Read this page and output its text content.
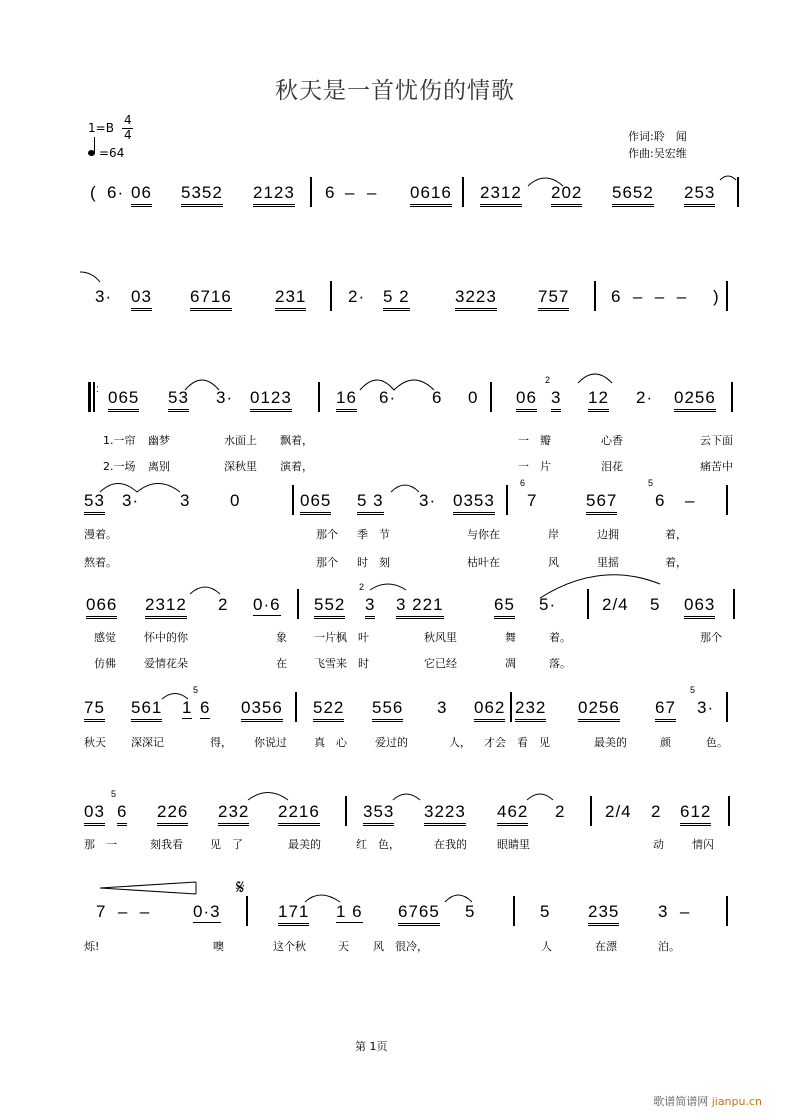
秋天是一首忧伤的情歌
1=B
4
4
=64
作词:聆　闻
作曲:吴宏维
( 6· 06 5352 2123 6 –  – 0616 2312 202 5652 253
3· 03 6716	231 2· 5 2	3223 757 6  –  –  – )
065 53 3· 0123	16 6· 6 0 06 3 12 2· 0256
:
2
1.一帘 幽梦	水面上 飘着，	一　瓣	心香	云下面
2.一场 离别	深秋里 演着，	一　片	泪花	痛苦中
53 3· 3 0	065 5 3 3· 0353 7	567 6 –
6	5
漫着。	那个 季　节	与你在	岸	边拥	着，
熬着。	那个 时　刻	枯叶在	风	里摇	着，
066 2312 2 0·6 552 3 3 221	65 5·	2/4 5 063
2
感觉	怀中的你	象 一片枫　叶	秋风里	舞	着。	那个
仿佛	爱情花朵	在 飞雪来　时	它已经	凋	落。
75 561 1 6 0356 522 556 3 062 232 0256 67 3·
5	5
秋天 深深记	得， 你说过 真　心	爱过的	人， 才会　看　见	最美的	颜	色。
03 6 226 232 2216	353 3223 462 2 2/4 2 612
5
那　一	刻我看 见　了	最美的	红　色，	在我的	眼睛里	动	情闪
7  –  –	0·3	171 1 6 6765 5	5 235 3  –
烁!	噢	这个秋	天 风　很冷，	人	在漂	泊。
𝄋
第 1页
歌谱简谱网 jianpu.cn
